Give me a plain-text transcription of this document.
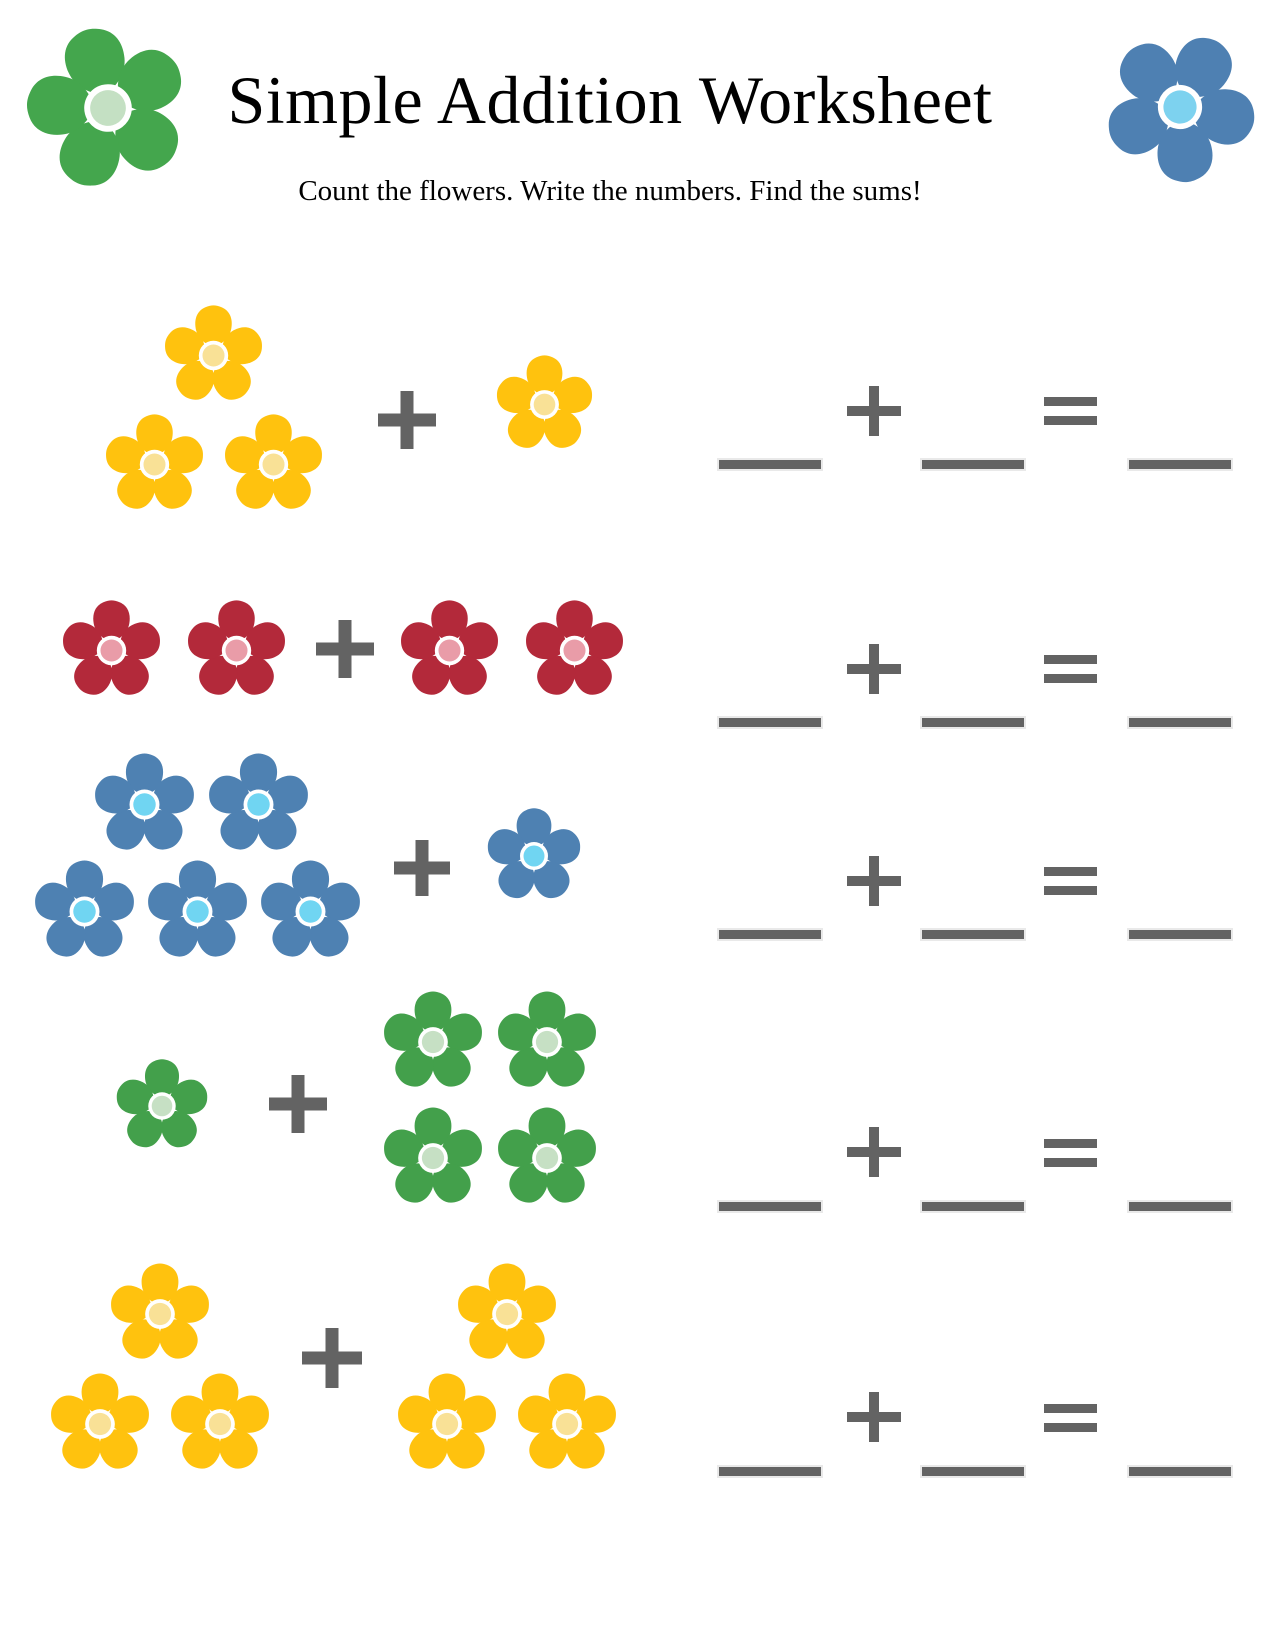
Simple Addition Worksheet

Count the flowers. Write the numbers. Find the sums!
